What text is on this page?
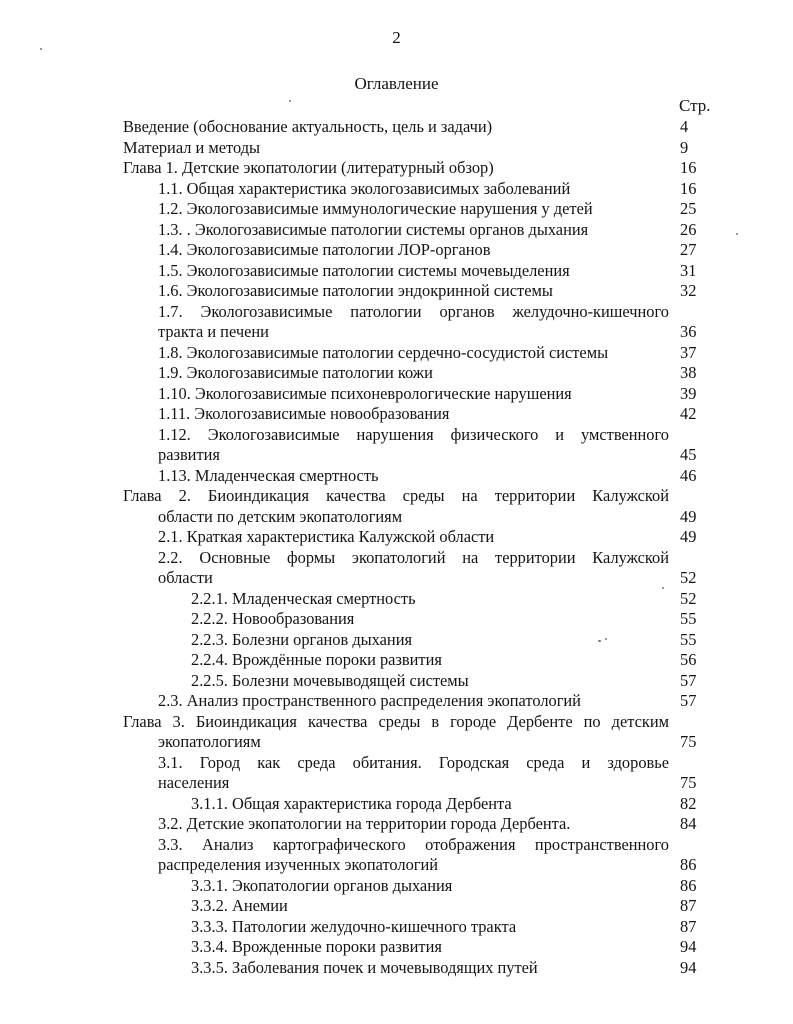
2
Оглавление
Стр.
Введение (обоснование актуальность, цель и задачи)	4
Материал и методы	9
Глава 1. Детские экопатологии (литературный обзор)	16
1.1. Общая характеристика экологозависимых заболеваний	16
1.2. Экологозависимые иммунологические нарушения у детей	25
1.3. . Экологозависимые патологии системы органов дыхания	26
1.4. Экологозависимые патологии ЛОР-органов	27
1.5. Экологозависимые патологии системы мочевыделения	31
1.6. Экологозависимые патологии эндокринной системы	32
1.7. Экологозависимые патологии органов желудочно-кишечного
тракта и печени	36
1.8. Экологозависимые патологии сердечно-сосудистой системы	37
1.9. Экологозависимые патологии кожи	38
1.10. Экологозависимые психоневрологические нарушения	39
1.11. Экологозависимые новообразования	42
1.12. Экологозависимые нарушения физического и умственного
развития	45
1.13. Младенческая смертность	46
Глава 2. Биоиндикация качества среды на территории Калужской
области по детским экопатологиям	49
2.1. Краткая характеристика Калужской области	49
2.2. Основные формы экопатологий на территории Калужской
области	52
2.2.1. Младенческая смертность	52
2.2.2. Новообразования	55
2.2.3. Болезни органов дыхания	55
2.2.4. Врождённые пороки развития	56
2.2.5. Болезни мочевыводящей системы	57
2.3. Анализ пространственного распределения экопатологий	57
Глава 3. Биоиндикация качества среды в городе Дербенте по детским
экопатологиям	75
3.1. Город как среда обитания. Городская среда и здоровье
населения	75
3.1.1. Общая характеристика города Дербента	82
3.2. Детские экопатологии на территории города Дербента.	84
3.3. Анализ картографического отображения пространственного
распределения изученных экопатологий	86
3.3.1. Экопатологии органов дыхания	86
3.3.2. Анемии	87
3.3.3. Патологии желудочно-кишечного тракта	87
3.3.4. Врожденные пороки развития	94
3.3.5. Заболевания почек и мочевыводящих путей	94
